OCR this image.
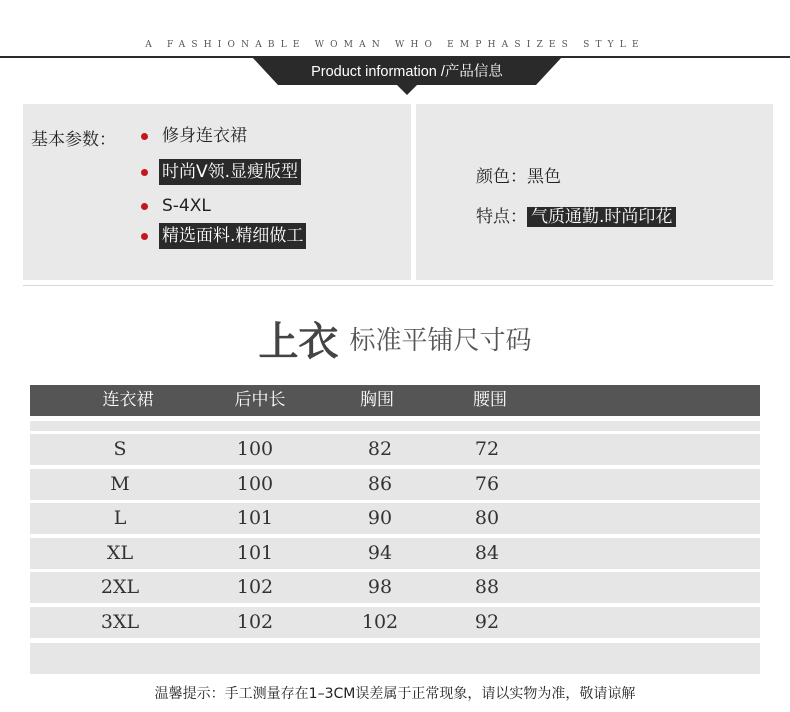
A FASHIONABLE WOMAN WHO EMPHASIZES STYLE
Product information /产品信息
基本参数：	修身连衣裙
时尚V领.显瘦版型
S-4XL
精选面料.精细做工
颜色：黑色
特点： 气质通勤.时尚印花
上衣 标准平铺尺寸码
连衣裙	后中长	胸围	腰围
S	100	82	72
M	100	86	76
L	101	90	80
XL	101	94	84
2XL	102	98	88
3XL	102	102	92
温馨提示：手工测量存在1–3CM误差属于正常现象，请以实物为准，敬请谅解
